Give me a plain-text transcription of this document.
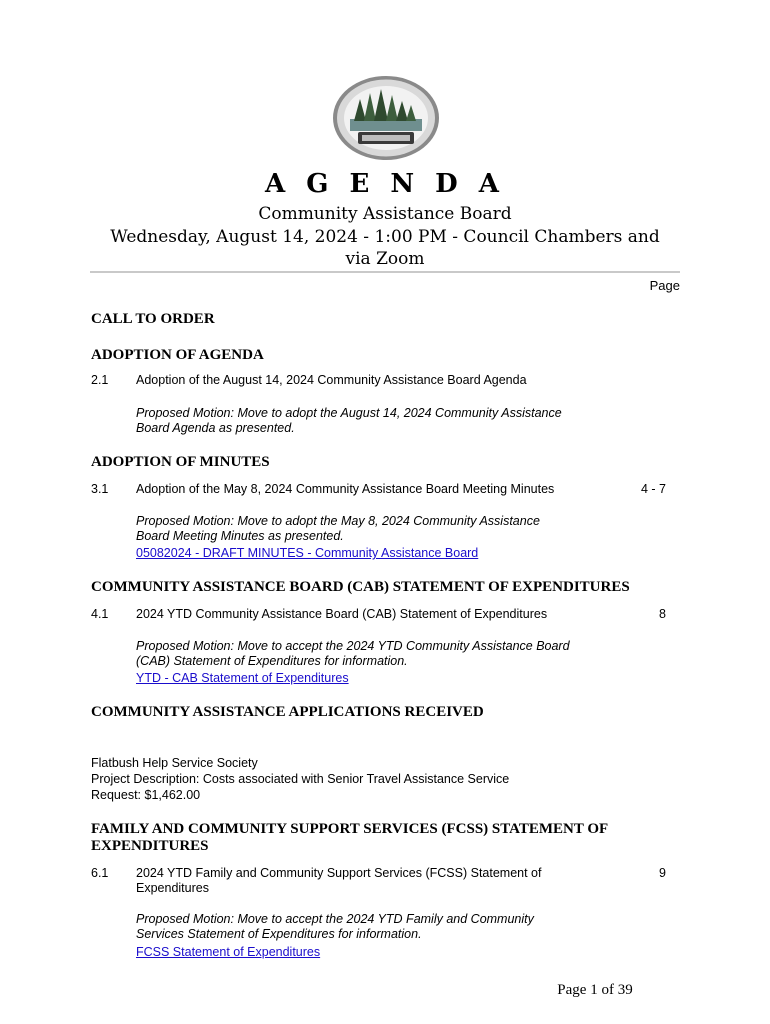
A G E N D A
Community Assistance Board
Wednesday, August 14, 2024 - 1:00 PM - Council Chambers and
via Zoom
Page
CALL TO ORDER
ADOPTION OF AGENDA
2.1 Adoption of the August 14, 2024 Community Assistance Board Agenda
Proposed Motion: Move to adopt the August 14, 2024 Community Assistance
Board Agenda as presented.
ADOPTION OF MINUTES
3.1 Adoption of the May 8, 2024 Community Assistance Board Meeting Minutes	4 - 7
Proposed Motion: Move to adopt the May 8, 2024 Community Assistance
Board Meeting Minutes as presented.
05082024 - DRAFT MINUTES - Community Assistance Board
COMMUNITY ASSISTANCE BOARD (CAB) STATEMENT OF EXPENDITURES
4.1 2024 YTD Community Assistance Board (CAB) Statement of Expenditures	8
Proposed Motion: Move to accept the 2024 YTD Community Assistance Board
(CAB) Statement of Expenditures for information.
YTD - CAB Statement of Expenditures
COMMUNITY ASSISTANCE APPLICATIONS RECEIVED
Flatbush Help Service Society
Project Description: Costs associated with Senior Travel Assistance Service
Request: $1,462.00
FAMILY AND COMMUNITY SUPPORT SERVICES (FCSS) STATEMENT OF
EXPENDITURES
6.1 2024 YTD Family and Community Support Services (FCSS) Statement of
Expenditures
9
Proposed Motion: Move to accept the 2024 YTD Family and Community
Services Statement of Expenditures for information.
FCSS Statement of Expenditures
Page 1 of 39
